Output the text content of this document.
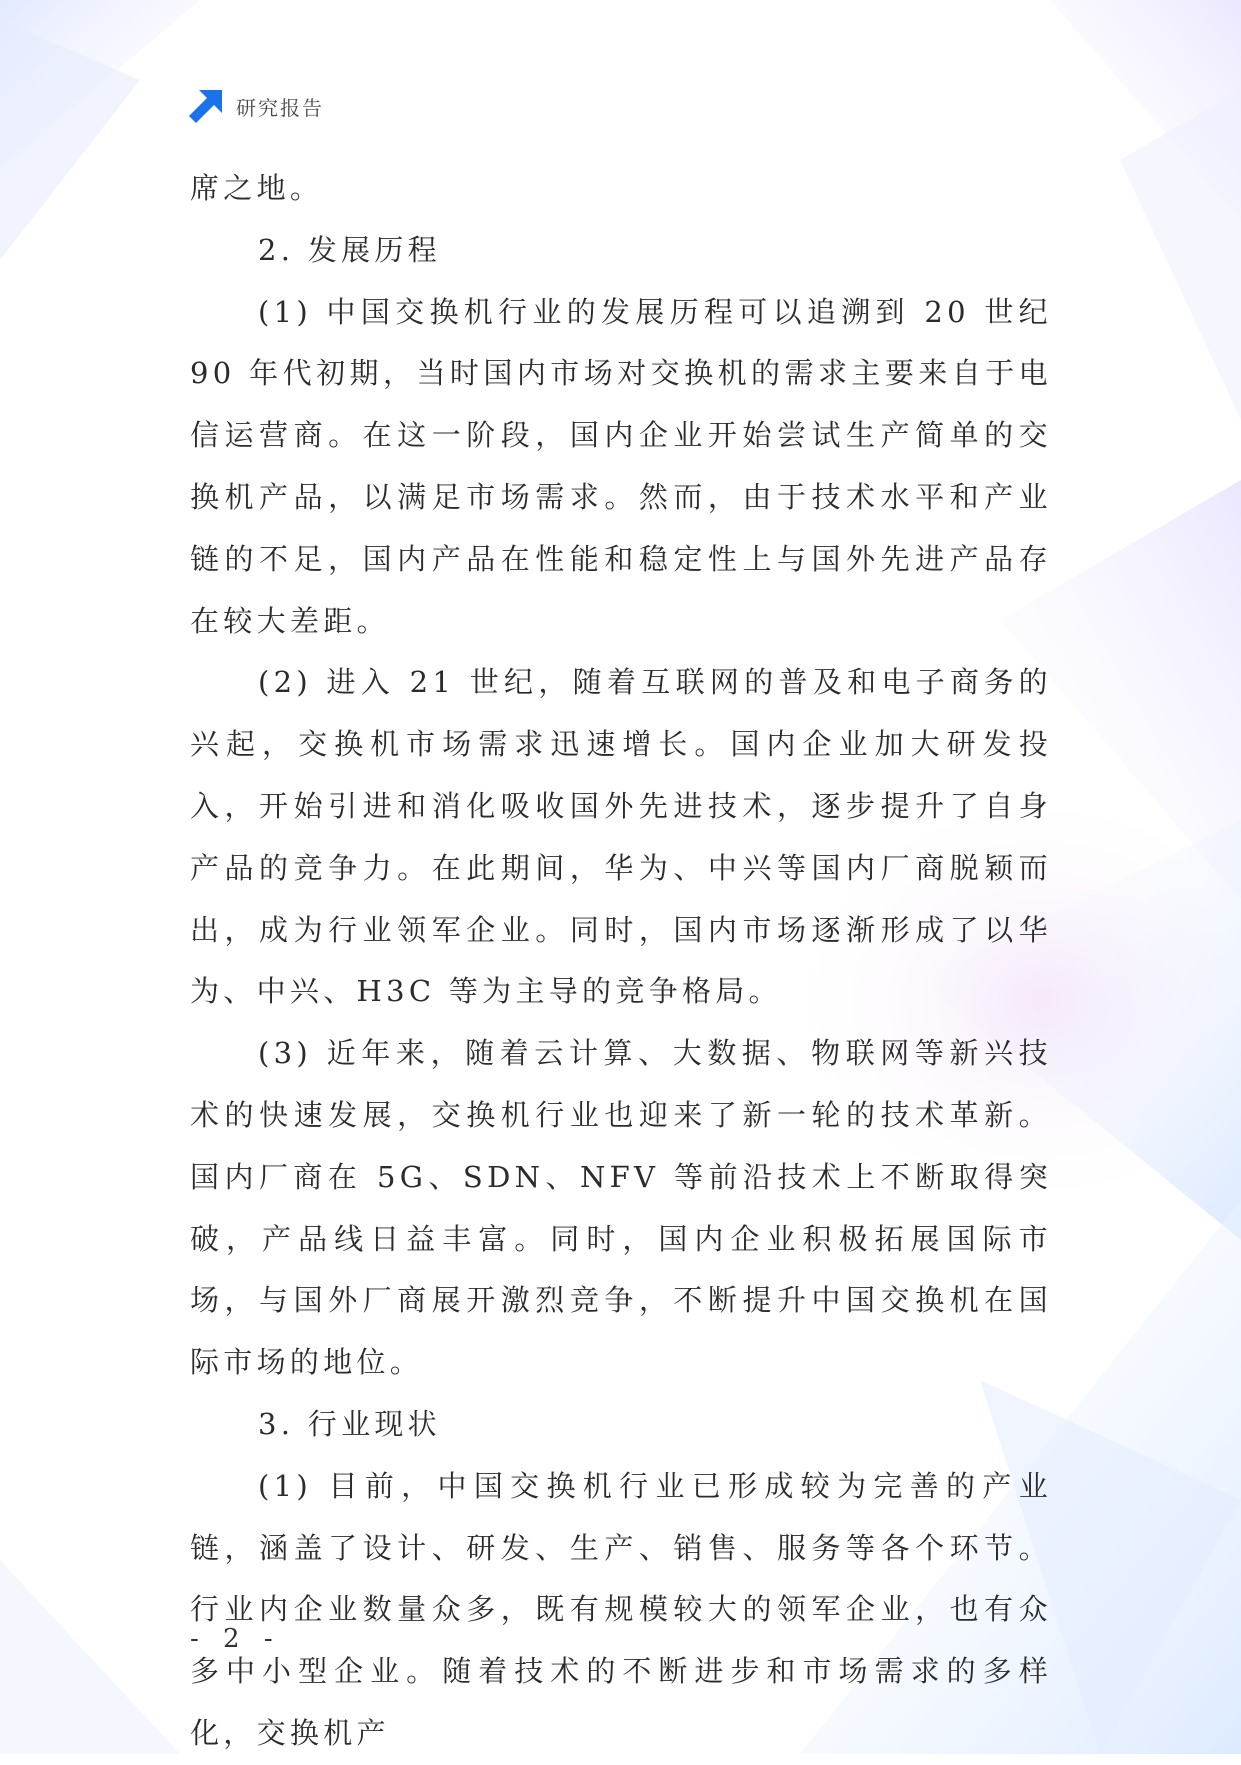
研究报告

席之地。

2. 发展历程

(1) 中国交换机行业的发展历程可以追溯到 20 世纪 90 年代初期，当时国内市场对交换机的需求主要来自于电信运营商。在这一阶段，国内企业开始尝试生产简单的交换机产品，以满足市场需求。然而，由于技术水平和产业链的不足，国内产品在性能和稳定性上与国外先进产品存在较大差距。

(2) 进入 21 世纪，随着互联网的普及和电子商务的兴起，交换机市场需求迅速增长。国内企业加大研发投入，开始引进和消化吸收国外先进技术，逐步提升了自身产品的竞争力。在此期间，华为、中兴等国内厂商脱颖而出，成为行业领军企业。同时，国内市场逐渐形成了以华为、中兴、H3C 等为主导的竞争格局。

(3) 近年来，随着云计算、大数据、物联网等新兴技术的快速发展，交换机行业也迎来了新一轮的技术革新。国内厂商在 5G、SDN、NFV 等前沿技术上不断取得突破，产品线日益丰富。同时，国内企业积极拓展国际市场，与国外厂商展开激烈竞争，不断提升中国交换机在国际市场的地位。

3. 行业现状

(1) 目前，中国交换机行业已形成较为完善的产业链，涵盖了设计、研发、生产、销售、服务等各个环节。行业内企业数量众多，既有规模较大的领军企业，也有众多中小型企业。随着技术的不断进步和市场需求的多样化，交换机产

- 2 -
